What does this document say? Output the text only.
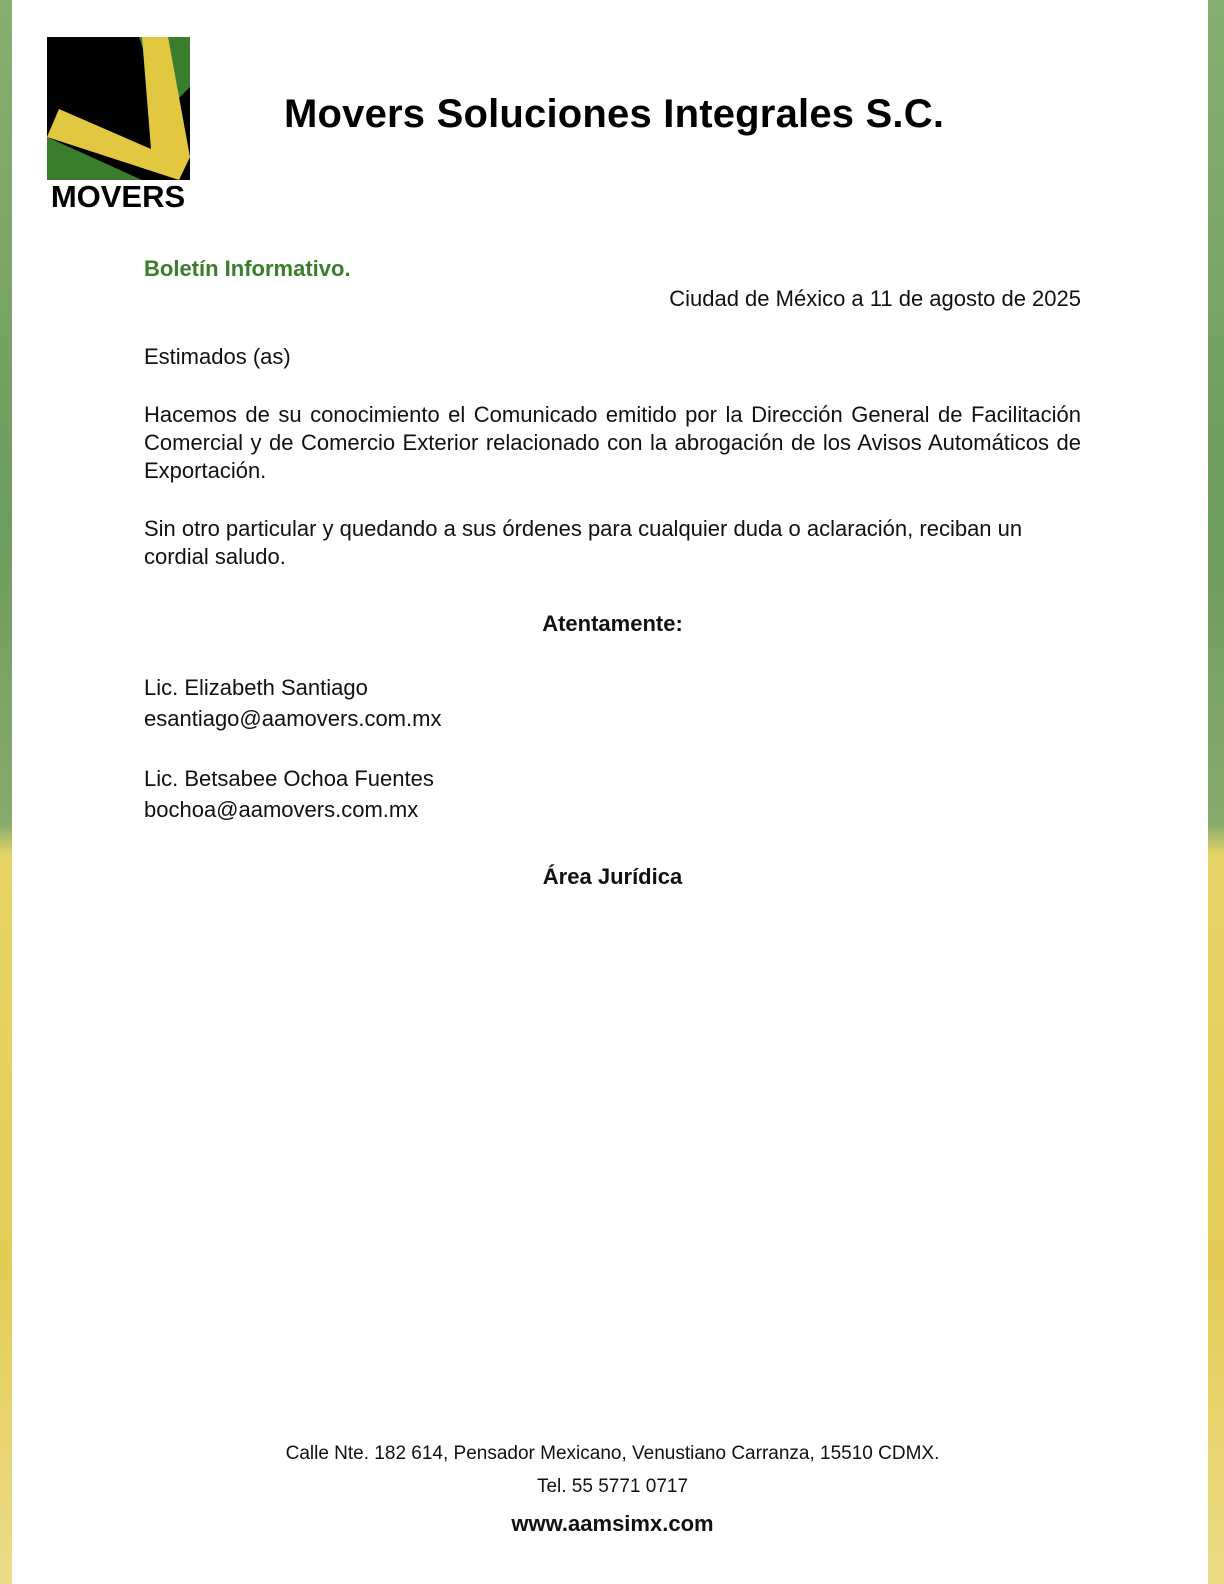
MOVERS
Movers Soluciones Integrales S.C.
Boletín Informativo.
Ciudad de México a 11 de agosto de 2025
Estimados (as)
Hacemos de su conocimiento el Comunicado emitido por la Dirección General de Facilitación Comercial y de Comercio Exterior relacionado con la abrogación de los Avisos Automáticos de Exportación.
Sin otro particular y quedando a sus órdenes para cualquier duda o aclaración, reciban un cordial saludo.
Atentamente:
Lic. Elizabeth Santiago
esantiago@aamovers.com.mx
Lic. Betsabee Ochoa Fuentes
bochoa@aamovers.com.mx
Área Jurídica
Calle Nte. 182 614, Pensador Mexicano, Venustiano Carranza, 15510 CDMX.
Tel. 55 5771 0717
www.aamsimx.com
